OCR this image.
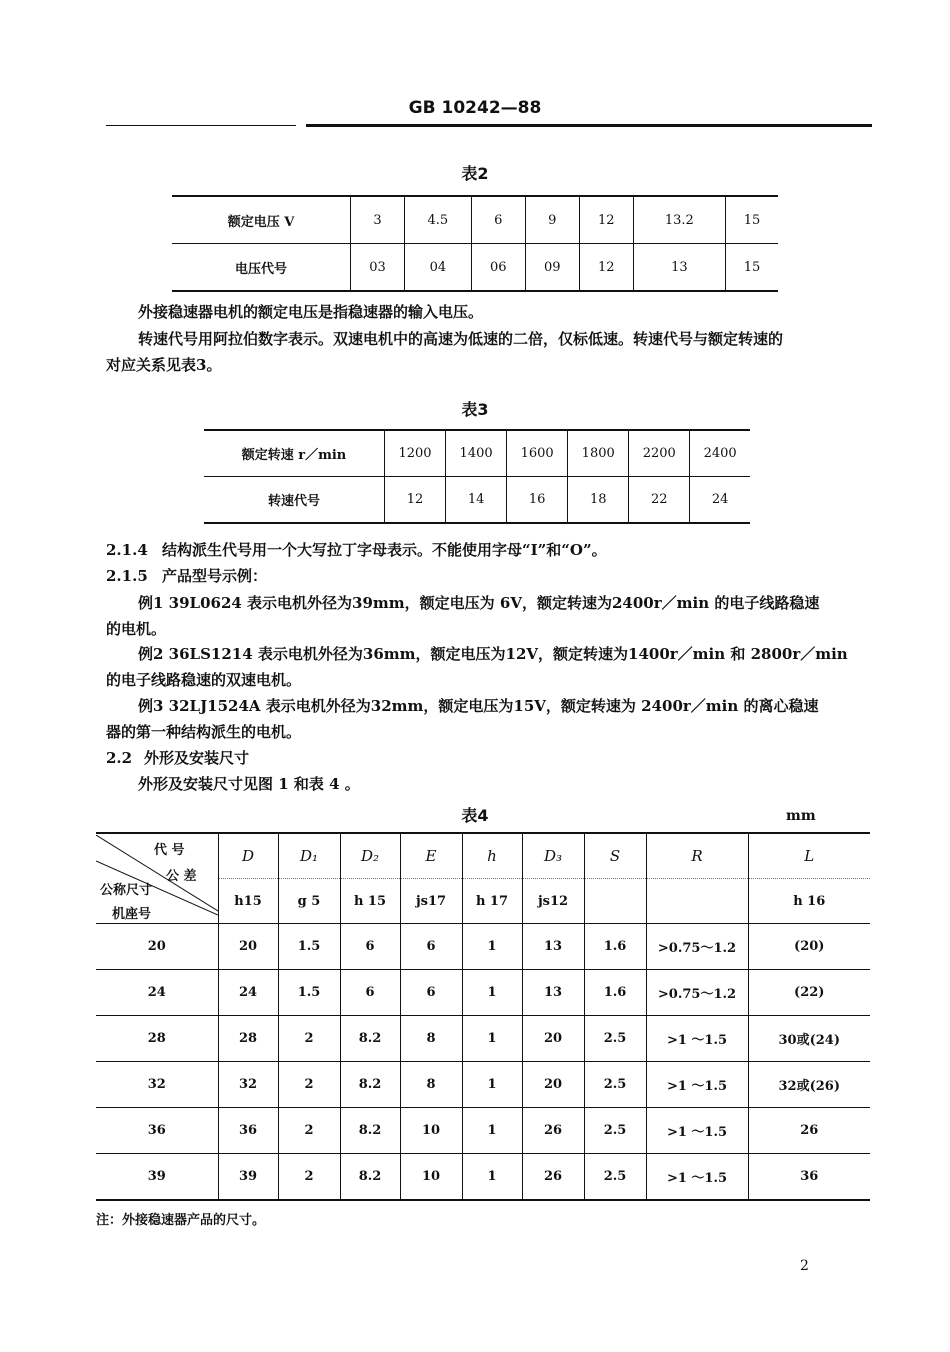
GB 10242—88
表2
额定电压 V	3	4.5	6	9	12	13.2	15
电压代号	03	04	06	09	12	13	15
外接稳速器电机的额定电压是指稳速器的输入电压。
转速代号用阿拉伯数字表示。双速电机中的高速为低速的二倍，仅标低速。转速代号与额定转速的
对应关系见表3。
表3
额定转速 r／min	1200	1400	1600	1800	2200	2400
转速代号	12	14	16	18	22	24
2.1.4 结构派生代号用一个大写拉丁字母表示。不能使用字母“I”和“O”。
2.1.5 产品型号示例：
例1 39L0624 表示电机外径为39mm，额定电压为 6V，额定转速为2400r／min 的电子线路稳速
的电机。
例2 36LS1214 表示电机外径为36mm，额定电压为12V，额定转速为1400r／min 和 2800r／min
的电子线路稳速的双速电机。
例3 32LJ1524A 表示电机外径为32mm，额定电压为15V，额定转速为 2400r／min 的离心稳速
器的第一种结构派生的电机。
2.2 外形及安装尺寸
外形及安装尺寸见图 1 和表 4 。
表4	mm
代 号
公 差
公称尺寸
机座号	D	D₁	D₂	E	h	D₃	S	R	L
	h15	g 5	h 15	js17	h 17	js12			h 16
20	20	1.5	6	6	1	13	1.6	>0.75～1.2	(20)
24	24	1.5	6	6	1	13	1.6	>0.75～1.2	(22)
28	28	2	8.2	8	1	20	2.5	>1 ～1.5	30或(24)
32	32	2	8.2	8	1	20	2.5	>1 ～1.5	32或(26)
36	36	2	8.2	10	1	26	2.5	>1 ～1.5	26
39	39	2	8.2	10	1	26	2.5	>1 ～1.5	36
注：外接稳速器产品的尺寸。
2
